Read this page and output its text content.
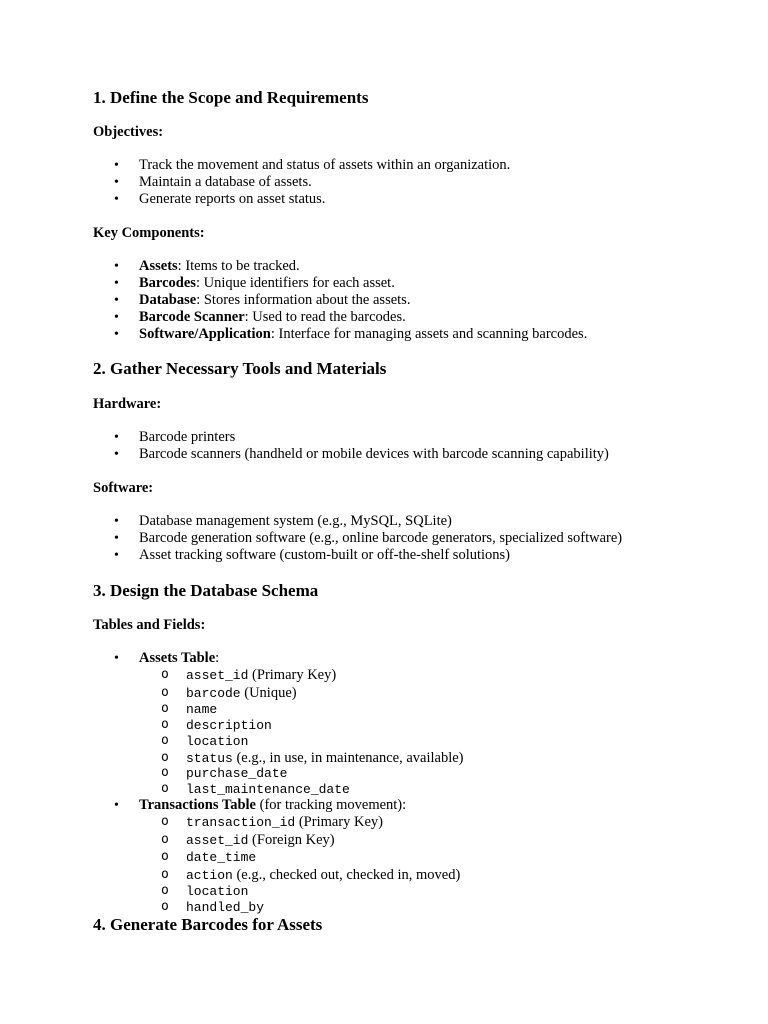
1. Define the Scope and Requirements
Objectives:
• Track the movement and status of assets within an organization.
• Maintain a database of assets.
• Generate reports on asset status.
Key Components:
• Assets: Items to be tracked.
• Barcodes: Unique identifiers for each asset.
• Database: Stores information about the assets.
• Barcode Scanner: Used to read the barcodes.
• Software/Application: Interface for managing assets and scanning barcodes.
2. Gather Necessary Tools and Materials
Hardware:
• Barcode printers
• Barcode scanners (handheld or mobile devices with barcode scanning capability)
Software:
• Database management system (e.g., MySQL, SQLite)
• Barcode generation software (e.g., online barcode generators, specialized software)
• Asset tracking software (custom-built or off-the-shelf solutions)
3. Design the Database Schema
Tables and Fields:
• Assets Table:
o asset_id (Primary Key)
o barcode (Unique)
o name
o description
o location
o status (e.g., in use, in maintenance, available)
o purchase_date
o last_maintenance_date
• Transactions Table (for tracking movement):
o transaction_id (Primary Key)
o asset_id (Foreign Key)
o date_time
o action (e.g., checked out, checked in, moved)
o location
o handled_by
4. Generate Barcodes for Assets
